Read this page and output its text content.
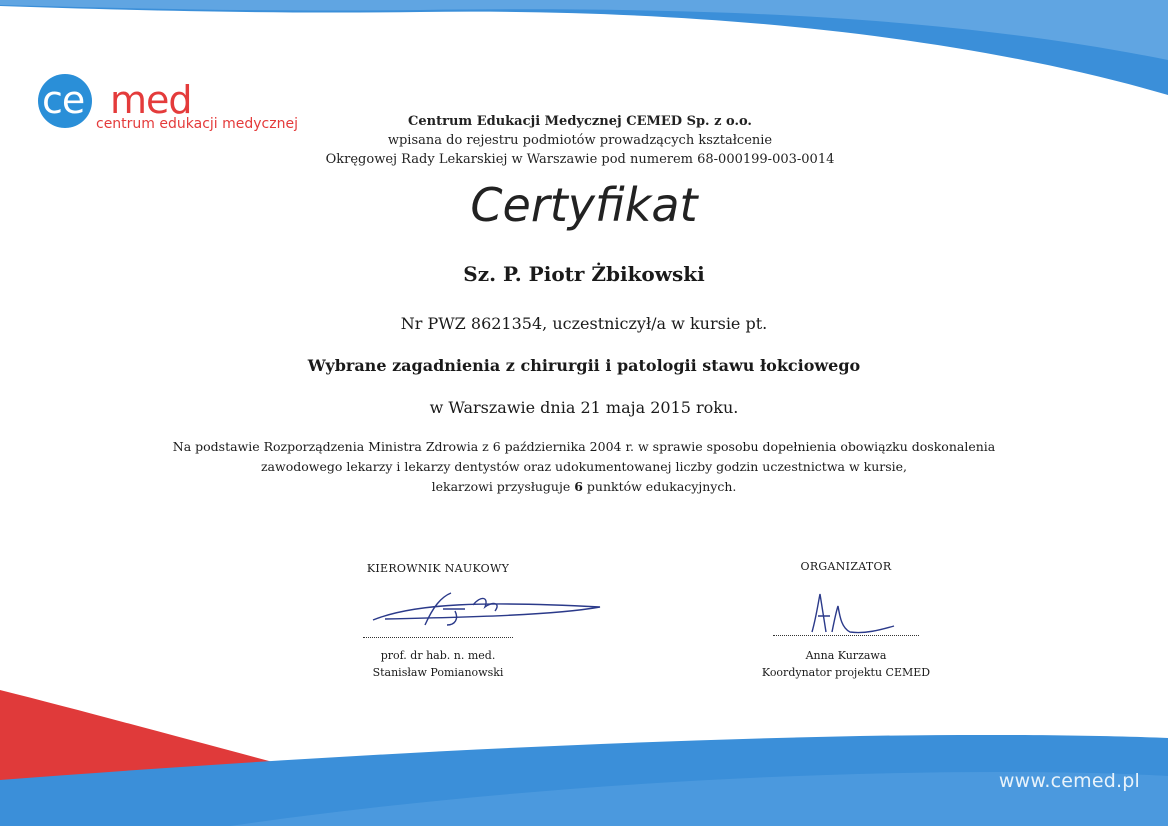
ce med
centrum edukacji medycznej	Centrum Edukacji Medycznej CEMED Sp. z o.o.
wpisana do rejestru podmiotów prowadzących kształcenie
Okręgowej Rady Lekarskiej w Warszawie pod numerem 68-000199-003-0014
Certyfikat
Sz. P. Piotr Żbikowski
Nr PWZ 8621354, uczestniczył/a w kursie pt.
Wybrane zagadnienia z chirurgii i patologii stawu łokciowego
w Warszawie dnia 21 maja 2015 roku.
Na podstawie Rozporządzenia Ministra Zdrowia z 6 października 2004 r. w sprawie sposobu dopełnienia obowiązku doskonalenia
zawodowego lekarzy i lekarzy dentystów oraz udokumentowanej liczby godzin uczestnictwa w kursie,
lekarzowi przysługuje 6 punktów edukacyjnych.
KIEROWNIK NAUKOWY
prof. dr hab. n. med.
Stanisław Pomianowski
ORGANIZATOR
Anna Kurzawa
Koordynator projektu CEMED
www.cemed.pl
